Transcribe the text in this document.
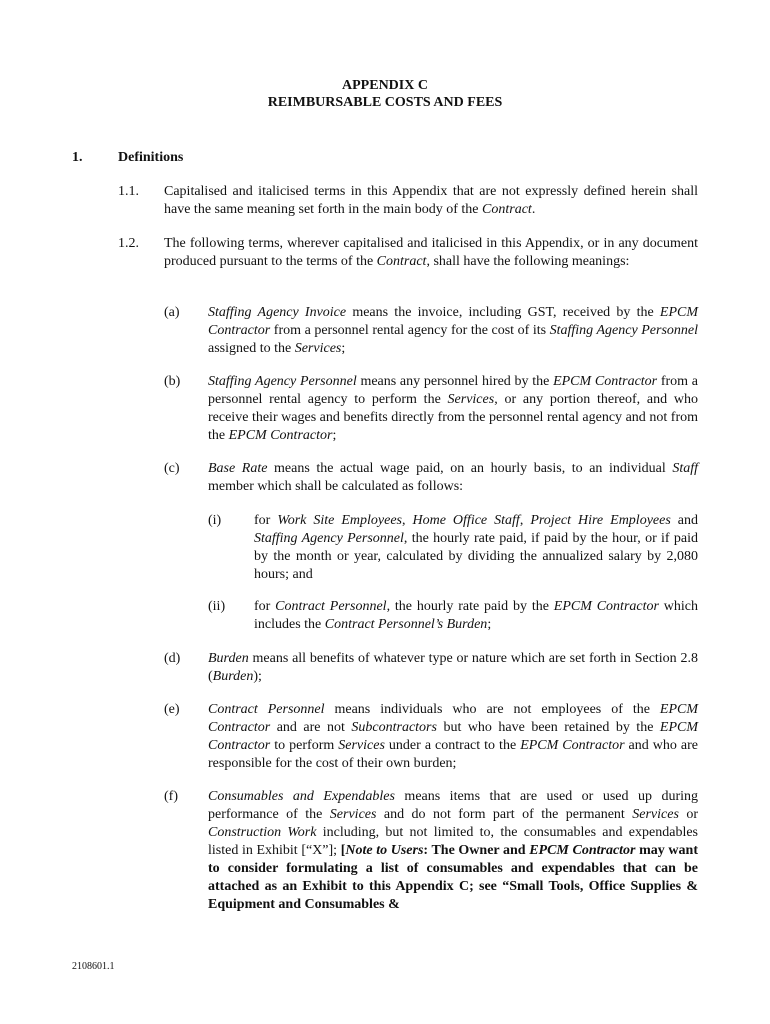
APPENDIX C
REIMBURSABLE COSTS AND FEES
1.	Definitions
1.1. Capitalised and italicised terms in this Appendix that are not expressly defined herein shall have the same meaning set forth in the main body of the Contract.
1.2. The following terms, wherever capitalised and italicised in this Appendix, or in any document produced pursuant to the terms of the Contract, shall have the following meanings:
(a) Staffing Agency Invoice means the invoice, including GST, received by the EPCM Contractor from a personnel rental agency for the cost of its Staffing Agency Personnel assigned to the Services;
(b) Staffing Agency Personnel means any personnel hired by the EPCM Contractor from a personnel rental agency to perform the Services, or any portion thereof, and who receive their wages and benefits directly from the personnel rental agency and not from the EPCM Contractor;
(c) Base Rate means the actual wage paid, on an hourly basis, to an individual Staff member which shall be calculated as follows:
(i) for Work Site Employees, Home Office Staff, Project Hire Employees and Staffing Agency Personnel, the hourly rate paid, if paid by the hour, or if paid by the month or year, calculated by dividing the annualized salary by 2,080 hours; and
(ii) for Contract Personnel, the hourly rate paid by the EPCM Contractor which includes the Contract Personnel’s Burden;
(d) Burden means all benefits of whatever type or nature which are set forth in Section 2.8 (Burden);
(e) Contract Personnel means individuals who are not employees of the EPCM Contractor and are not Subcontractors but who have been retained by the EPCM Contractor to perform Services under a contract to the EPCM Contractor and who are responsible for the cost of their own burden;
(f) Consumables and Expendables means items that are used or used up during performance of the Services and do not form part of the permanent Services or Construction Work including, but not limited to, the consumables and expendables listed in Exhibit [“X”]; [Note to Users: The Owner and EPCM Contractor may want to consider formulating a list of consumables and expendables that can be attached as an Exhibit to this Appendix C; see “Small Tools, Office Supplies & Equipment and Consumables &
2108601.1
